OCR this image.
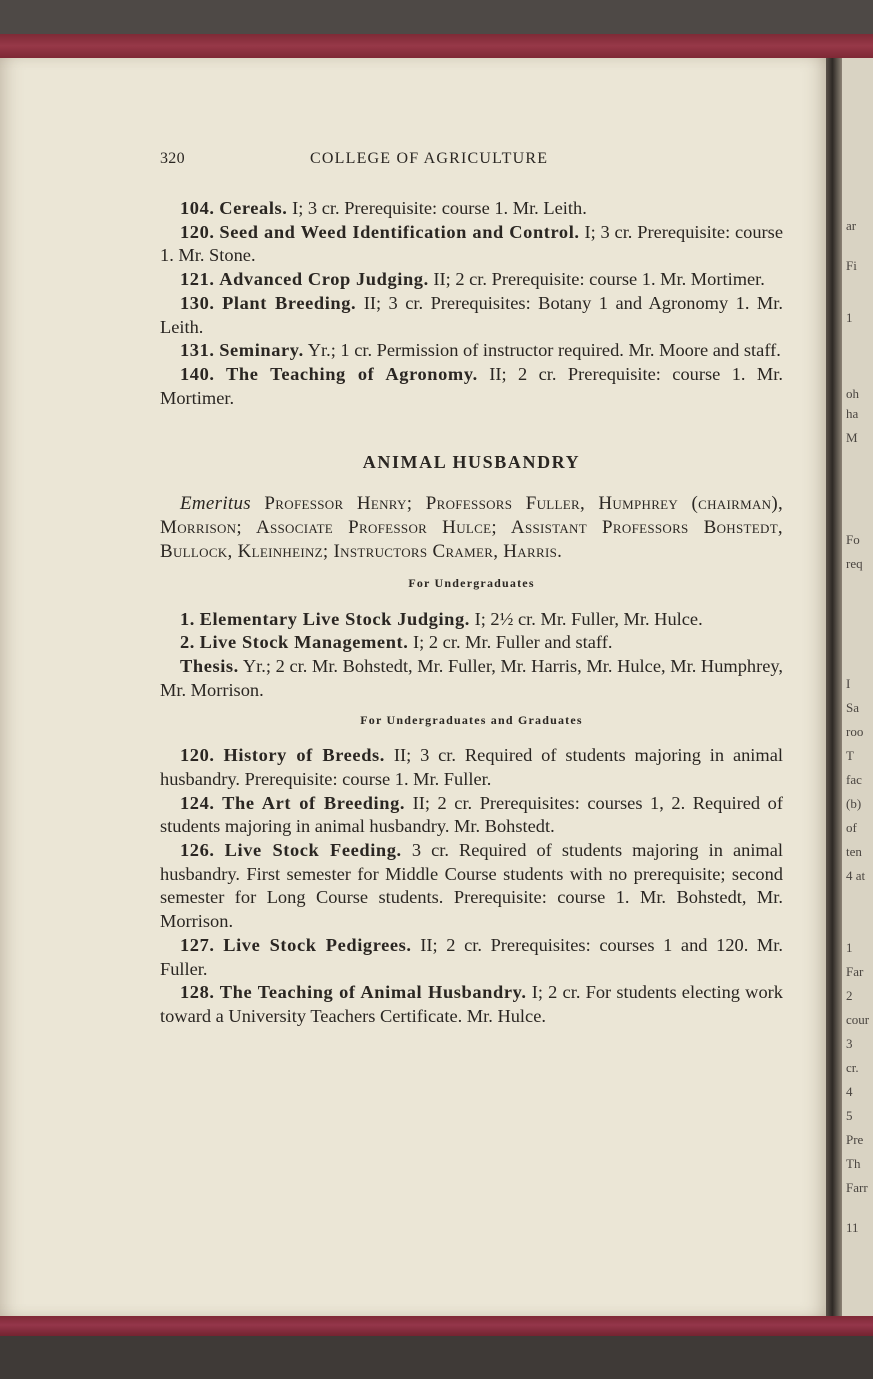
ar
Fi
1
oh
ha
M
Fo
req
I
Sa
roo
T
fac
(b)
of
ten
4 at
1
Far
2
cour
3
cr.
4
5
Pre
Th
Farr
11
320	COLLEGE OF AGRICULTURE

104. Cereals. I; 3 cr. Prerequisite: course 1. Mr. Leith.

120. Seed and Weed Identification and Control. I; 3 cr. Prerequisite: course 1. Mr. Stone.

121. Advanced Crop Judging. II; 2 cr. Prerequisite: course 1. Mr. Mortimer.

130. Plant Breeding. II; 3 cr. Prerequisites: Botany 1 and Agronomy 1. Mr. Leith.

131. Seminary. Yr.; 1 cr. Permission of instructor required. Mr. Moore and staff.

140. The Teaching of Agronomy. II; 2 cr. Prerequisite: course 1. Mr. Mortimer.

ANIMAL HUSBANDRY

Emeritus Professor Henry; Professors Fuller, Humphrey (chairman), Morrison; Associate Professor Hulce; Assistant Professors Bohstedt, Bullock, Kleinheinz; Instructors Cramer, Harris.

For Undergraduates

1. Elementary Live Stock Judging. I; 2½ cr. Mr. Fuller, Mr. Hulce.

2. Live Stock Management. I; 2 cr. Mr. Fuller and staff.

Thesis. Yr.; 2 cr. Mr. Bohstedt, Mr. Fuller, Mr. Harris, Mr. Hulce, Mr. Humphrey, Mr. Morrison.

For Undergraduates and Graduates

120. History of Breeds. II; 3 cr. Required of students majoring in animal husbandry. Prerequisite: course 1. Mr. Fuller.

124. The Art of Breeding. II; 2 cr. Prerequisites: courses 1, 2. Required of students majoring in animal husbandry. Mr. Bohstedt.

126. Live Stock Feeding. 3 cr. Required of students majoring in animal husbandry. First semester for Middle Course students with no prerequisite; second semester for Long Course students. Prerequisite: course 1. Mr. Bohstedt, Mr. Morrison.

127. Live Stock Pedigrees. II; 2 cr. Prerequisites: courses 1 and 120. Mr. Fuller.

128. The Teaching of Animal Husbandry. I; 2 cr. For students electing work toward a University Teachers Certificate. Mr. Hulce.
